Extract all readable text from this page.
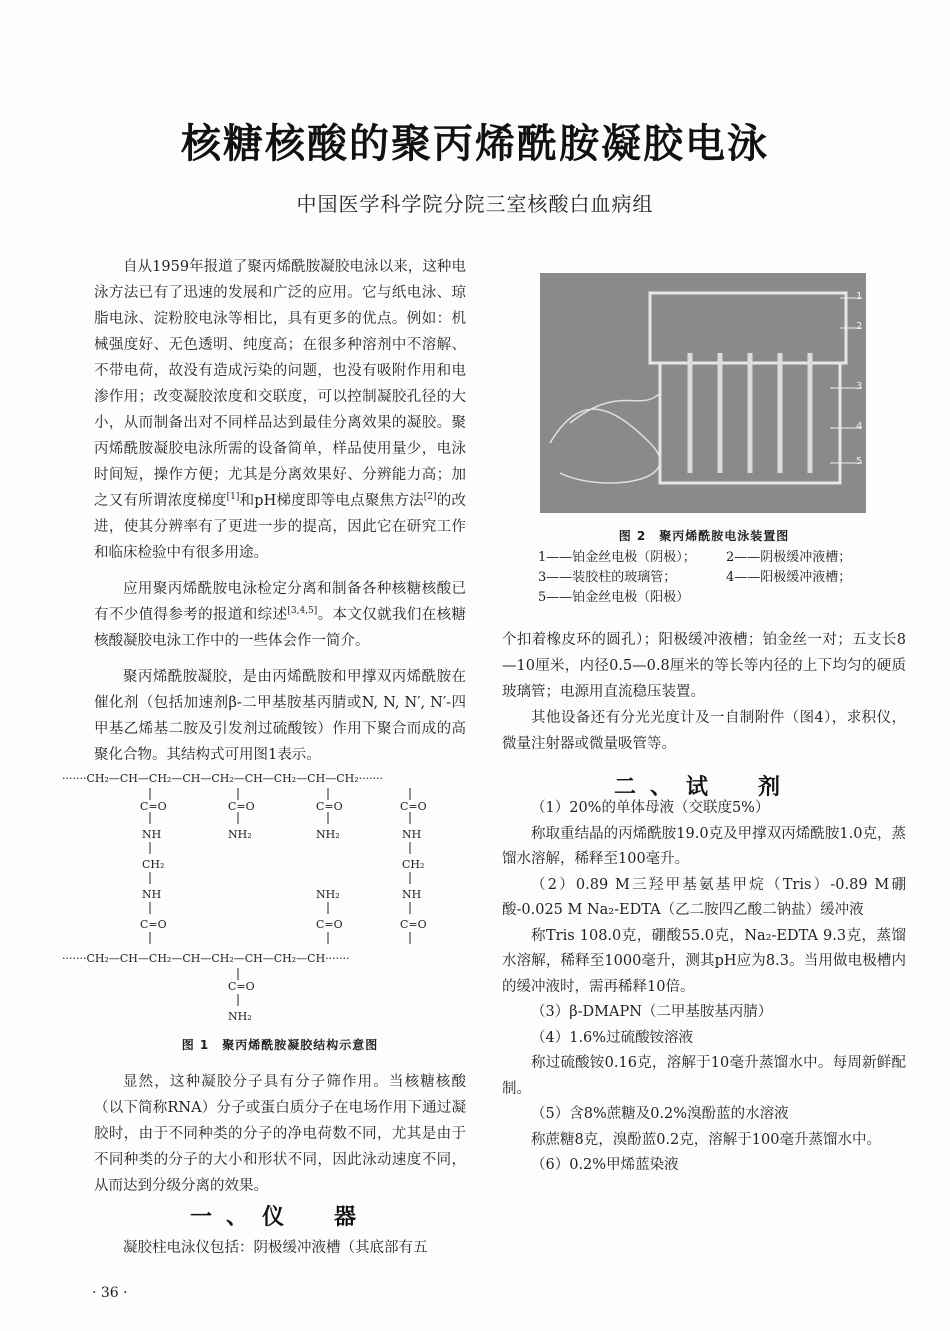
核糖核酸的聚丙烯酰胺凝胶电泳
中国医学科学院分院三室核酸白血病组

自从1959年报道了聚丙烯酰胺凝胶电泳以来，这种电泳方法已有了迅速的发展和广泛的应用。它与纸电泳、琼脂电泳、淀粉胶电泳等相比，具有更多的优点。例如：机械强度好、无色透明、纯度高；在很多种溶剂中不溶解、不带电荷，故没有造成污染的问题，也没有吸附作用和电渗作用；改变凝胶浓度和交联度，可以控制凝胶孔径的大小，从而制备出对不同样品达到最佳分离效果的凝胶。聚丙烯酰胺凝胶电泳所需的设备简单，样品使用量少，电泳时间短，操作方便；尤其是分离效果好、分辨能力高；加之又有所谓浓度梯度[1]和pH梯度即等电点聚焦方法[2]的改进，使其分辨率有了更进一步的提高，因此它在研究工作和临床检验中有很多用途。

应用聚丙烯酰胺电泳检定分离和制备各种核糖核酸已有不少值得参考的报道和综述[3,4,5]。本文仅就我们在核糖核酸凝胶电泳工作中的一些体会作一简介。

聚丙烯酰胺凝胶，是由丙烯酰胺和甲撑双丙烯酰胺在催化剂（包括加速剂β-二甲基胺基丙腈或N, N, N′, N′-四甲基乙烯基二胺及引发剂过硫酸铵）作用下聚合而成的高聚化合物。其结构式可用图1表示。

·······CH₂—CH—CH₂—CH—CH₂—CH—CH₂—CH—CH₂·······
C=O	C=O	C=O	C=O
NH	NH₂	NH₂	NH
CH₂	CH₂
NH	NH₂	NH
C=O	C=O	C=O
·······CH₂—CH—CH₂—CH—CH₂—CH—CH₂—CH·······
C=O
NH₂
图 1　聚丙烯酰胺凝胶结构示意图

显然，这种凝胶分子具有分子筛作用。当核糖核酸（以下简称RNA）分子或蛋白质分子在电场作用下通过凝胶时，由于不同种类的分子的净电荷数不同，尤其是由于不同种类的分子的大小和形状不同，因此泳动速度不同，从而达到分级分离的效果。

一、仪　器

凝胶柱电泳仪包括：阴极缓冲液槽（其底部有五

1
2
3
4
5
图 2　聚丙烯酰胺电泳装置图
1——铂金丝电极（阴极）；	2——阴极缓冲液槽；
3——装胶柱的玻璃管；	4——阳极缓冲液槽；
5——铂金丝电极（阳极）

个扣着橡皮环的圆孔）；阳极缓冲液槽；铂金丝一对；五支长8—10厘米，内径0.5—0.8厘米的等长等内径的上下均匀的硬质玻璃管；电源用直流稳压装置。

其他设备还有分光光度计及一自制附件（图4），求积仪，微量注射器或微量吸管等。

二、试　剂

（1）20%的单体母液（交联度5%）

称取重结晶的丙烯酰胺19.0克及甲撑双丙烯酰胺1.0克，蒸馏水溶解，稀释至100毫升。

（2）0.89 M三羟甲基氨基甲烷（Tris）-0.89 M硼酸-0.025 M Na₂-EDTA（乙二胺四乙酸二钠盐）缓冲液

称Tris 108.0克，硼酸55.0克，Na₂-EDTA 9.3克，蒸馏水溶解，稀释至1000毫升，测其pH应为8.3。当用做电极槽内的缓冲液时，需再稀释10倍。

（3）β-DMAPN（二甲基胺基丙腈）

（4）1.6%过硫酸铵溶液

称过硫酸铵0.16克，溶解于10毫升蒸馏水中。每周新鲜配制。

（5）含8%蔗糖及0.2%溴酚蓝的水溶液

称蔗糖8克，溴酚蓝0.2克，溶解于100毫升蒸馏水中。

（6）0.2%甲烯蓝染液

· 36 ·
